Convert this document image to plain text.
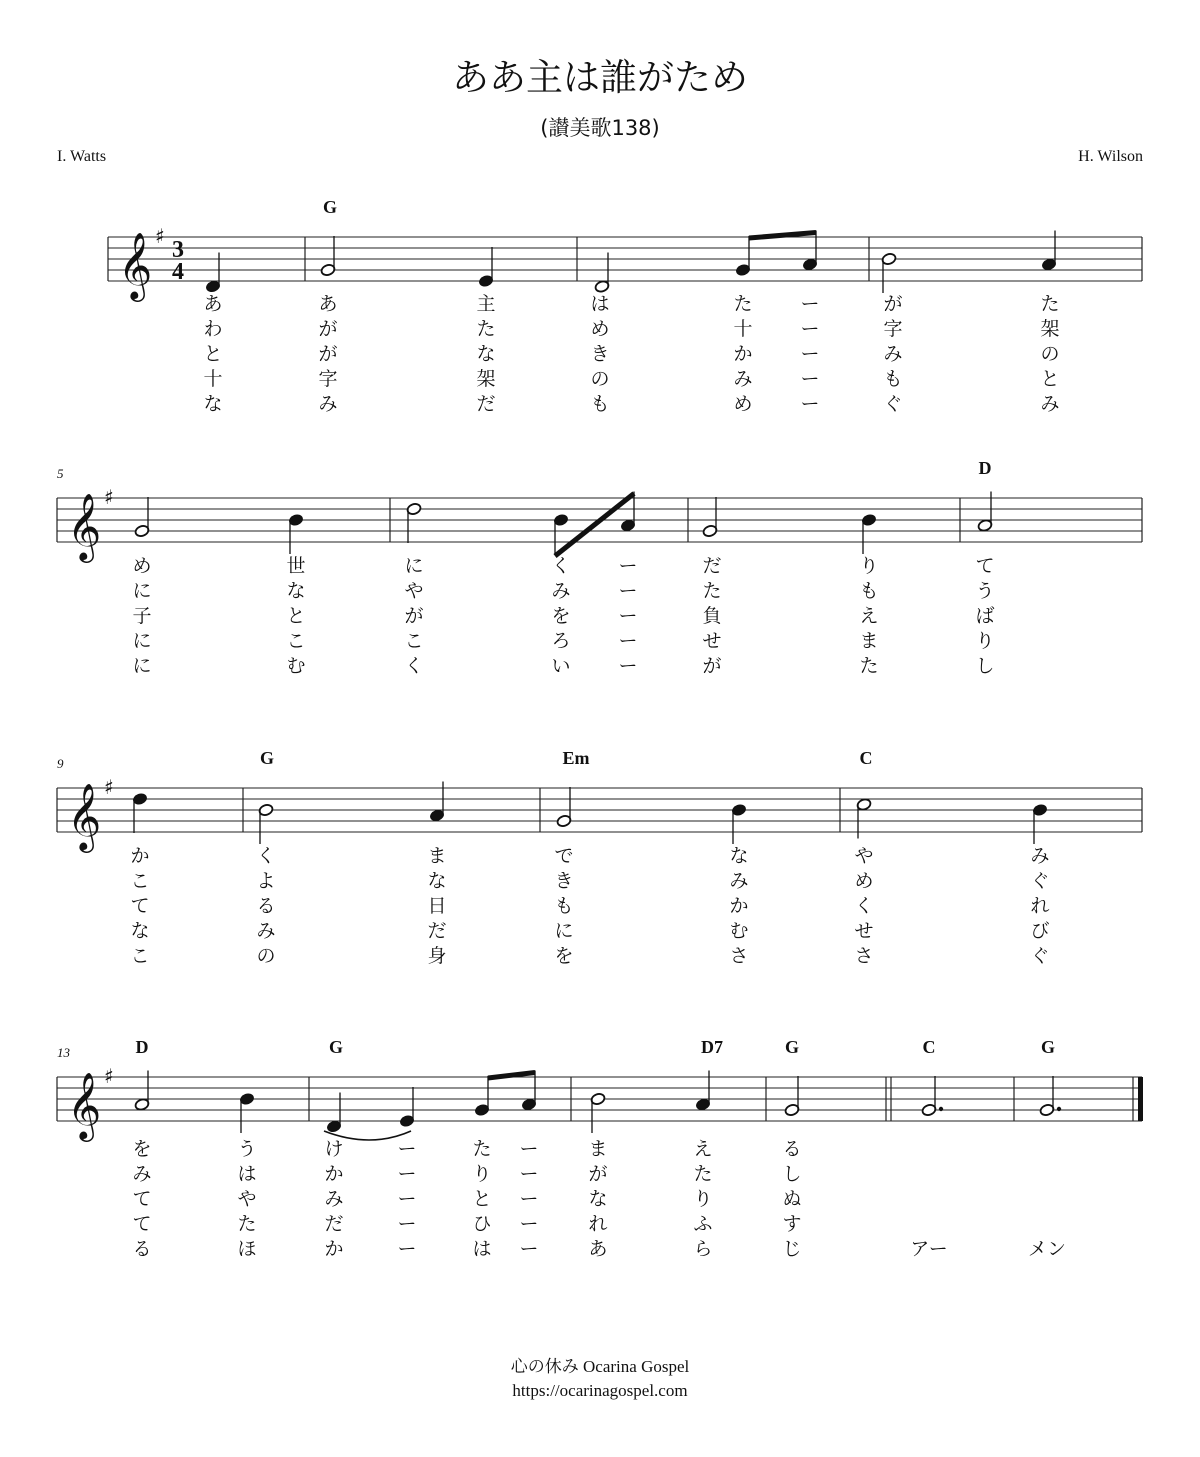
ああ主は誰がため
(讃美歌138)
I. Watts	H. Wilson
𝄞 ♯
3
4
G
あ
わ
と
十
な
あ
が
が
字
み
主
た
な
架
だ
は
め
き
の
も
た
十
か
み
め
ー
ー
ー
ー
ー
が
字
み
も
ぐ
た
架
の
と
み
5
𝄞 ♯
D
め
に
子
に
に
世
な
と
こ
む
に
や
が
こ
く
く
み
を
ろ
い
ー
ー
ー
ー
ー
だ
た
負
せ
が
り
も
え
ま
た
て
う
ば
り
し
9
𝄞 ♯
G	Em	C
か
こ
て
な
こ
く
よ
る
み
の
ま
な
日
だ
身
で
き
も
に
を
な
み
か
む
さ
や
め
く
せ
さ
み
ぐ
れ
び
ぐ
13
𝄞 ♯
D	G	D7	G	C	G
を
み
て
て
る
う
は
や
た
ほ
け
か
み
だ
か
ー
ー
ー
ー
ー
た
り
と
ひ
は
ー
ー
ー
ー
ー
ま
が
な
れ
あ
え
た
り
ふ
ら
る
し
ぬ
す
じ	アー	メン
心の休み Ocarina Gospel
https://ocarinagospel.com
